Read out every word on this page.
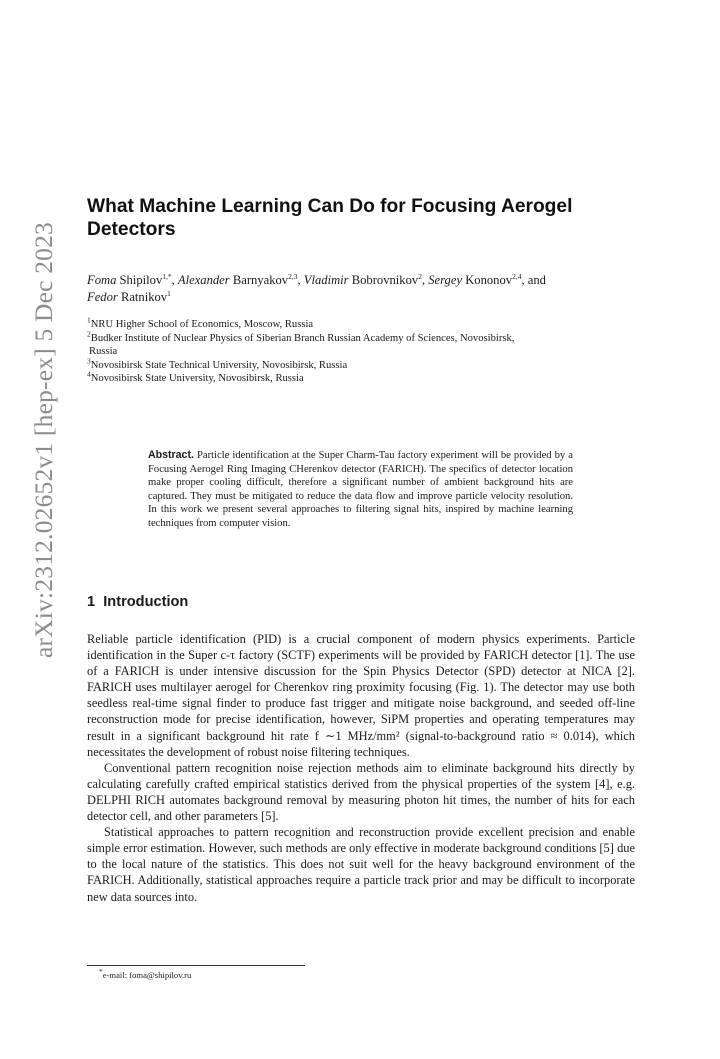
arXiv:2312.02652v1 [hep-ex] 5 Dec 2023
What Machine Learning Can Do for Focusing Aerogel Detectors

Foma Shipilov$^{1,*}$, Alexander Barnyakov$^{2,3}$, Vladimir Bobrovnikov$^2$, Sergey Kononov$^{2,4}$, and
Fedor Ratnikov$^1$

$^1$NRU Higher School of Economics, Moscow, Russia

$^2$Budker Institute of Nuclear Physics of Siberian Branch Russian Academy of Sciences, Novosibirsk,
Russia

$^3$Novosibirsk State Technical University, Novosibirsk, Russia

$^4$Novosibirsk State University, Novosibirsk, Russia

Abstract. Particle identification at the Super Charm-Tau factory experiment will be provided by a Focusing Aerogel Ring Imaging CHerenkov detector (FARICH). The specifics of detector location make proper cooling difficult, therefore a significant number of ambient background hits are captured. They must be mitigated to reduce the data flow and improve particle velocity resolution. In this work we present several approaches to filtering signal hits, inspired by machine learning techniques from computer vision.

1 Introduction

Reliable particle identification (PID) is a crucial component of modern physics experiments. Particle identification in the Super c-τ factory (SCTF) experiments will be provided by FARICH detector [1]. The use of a FARICH is under intensive discussion for the Spin Physics Detector (SPD) detector at NICA [2]. FARICH uses multilayer aerogel for Cherenkov ring proximity focusing (Fig. 1). The detector may use both seedless real-time signal finder to produce fast trigger and mitigate noise background, and seeded off-line reconstruction mode for precise identification, however, SiPM properties and operating temperatures may result in a significant background hit rate f ∼1 MHz/mm² (signal-to-background ratio ≈ 0.014), which necessitates the development of robust noise filtering techniques.

Conventional pattern recognition noise rejection methods aim to eliminate background hits directly by calculating carefully crafted empirical statistics derived from the physical properties of the system [4], e.g. DELPHI RICH automates background removal by measuring photon hit times, the number of hits for each detector cell, and other parameters [5].

Statistical approaches to pattern recognition and reconstruction provide excellent precision and enable simple error estimation. However, such methods are only effective in moderate background conditions [5] due to the local nature of the statistics. This does not suit well for the heavy background environment of the FARICH. Additionally, statistical approaches require a particle track prior and may be difficult to incorporate new data sources into.

*e-mail: foma@shipilov.ru
